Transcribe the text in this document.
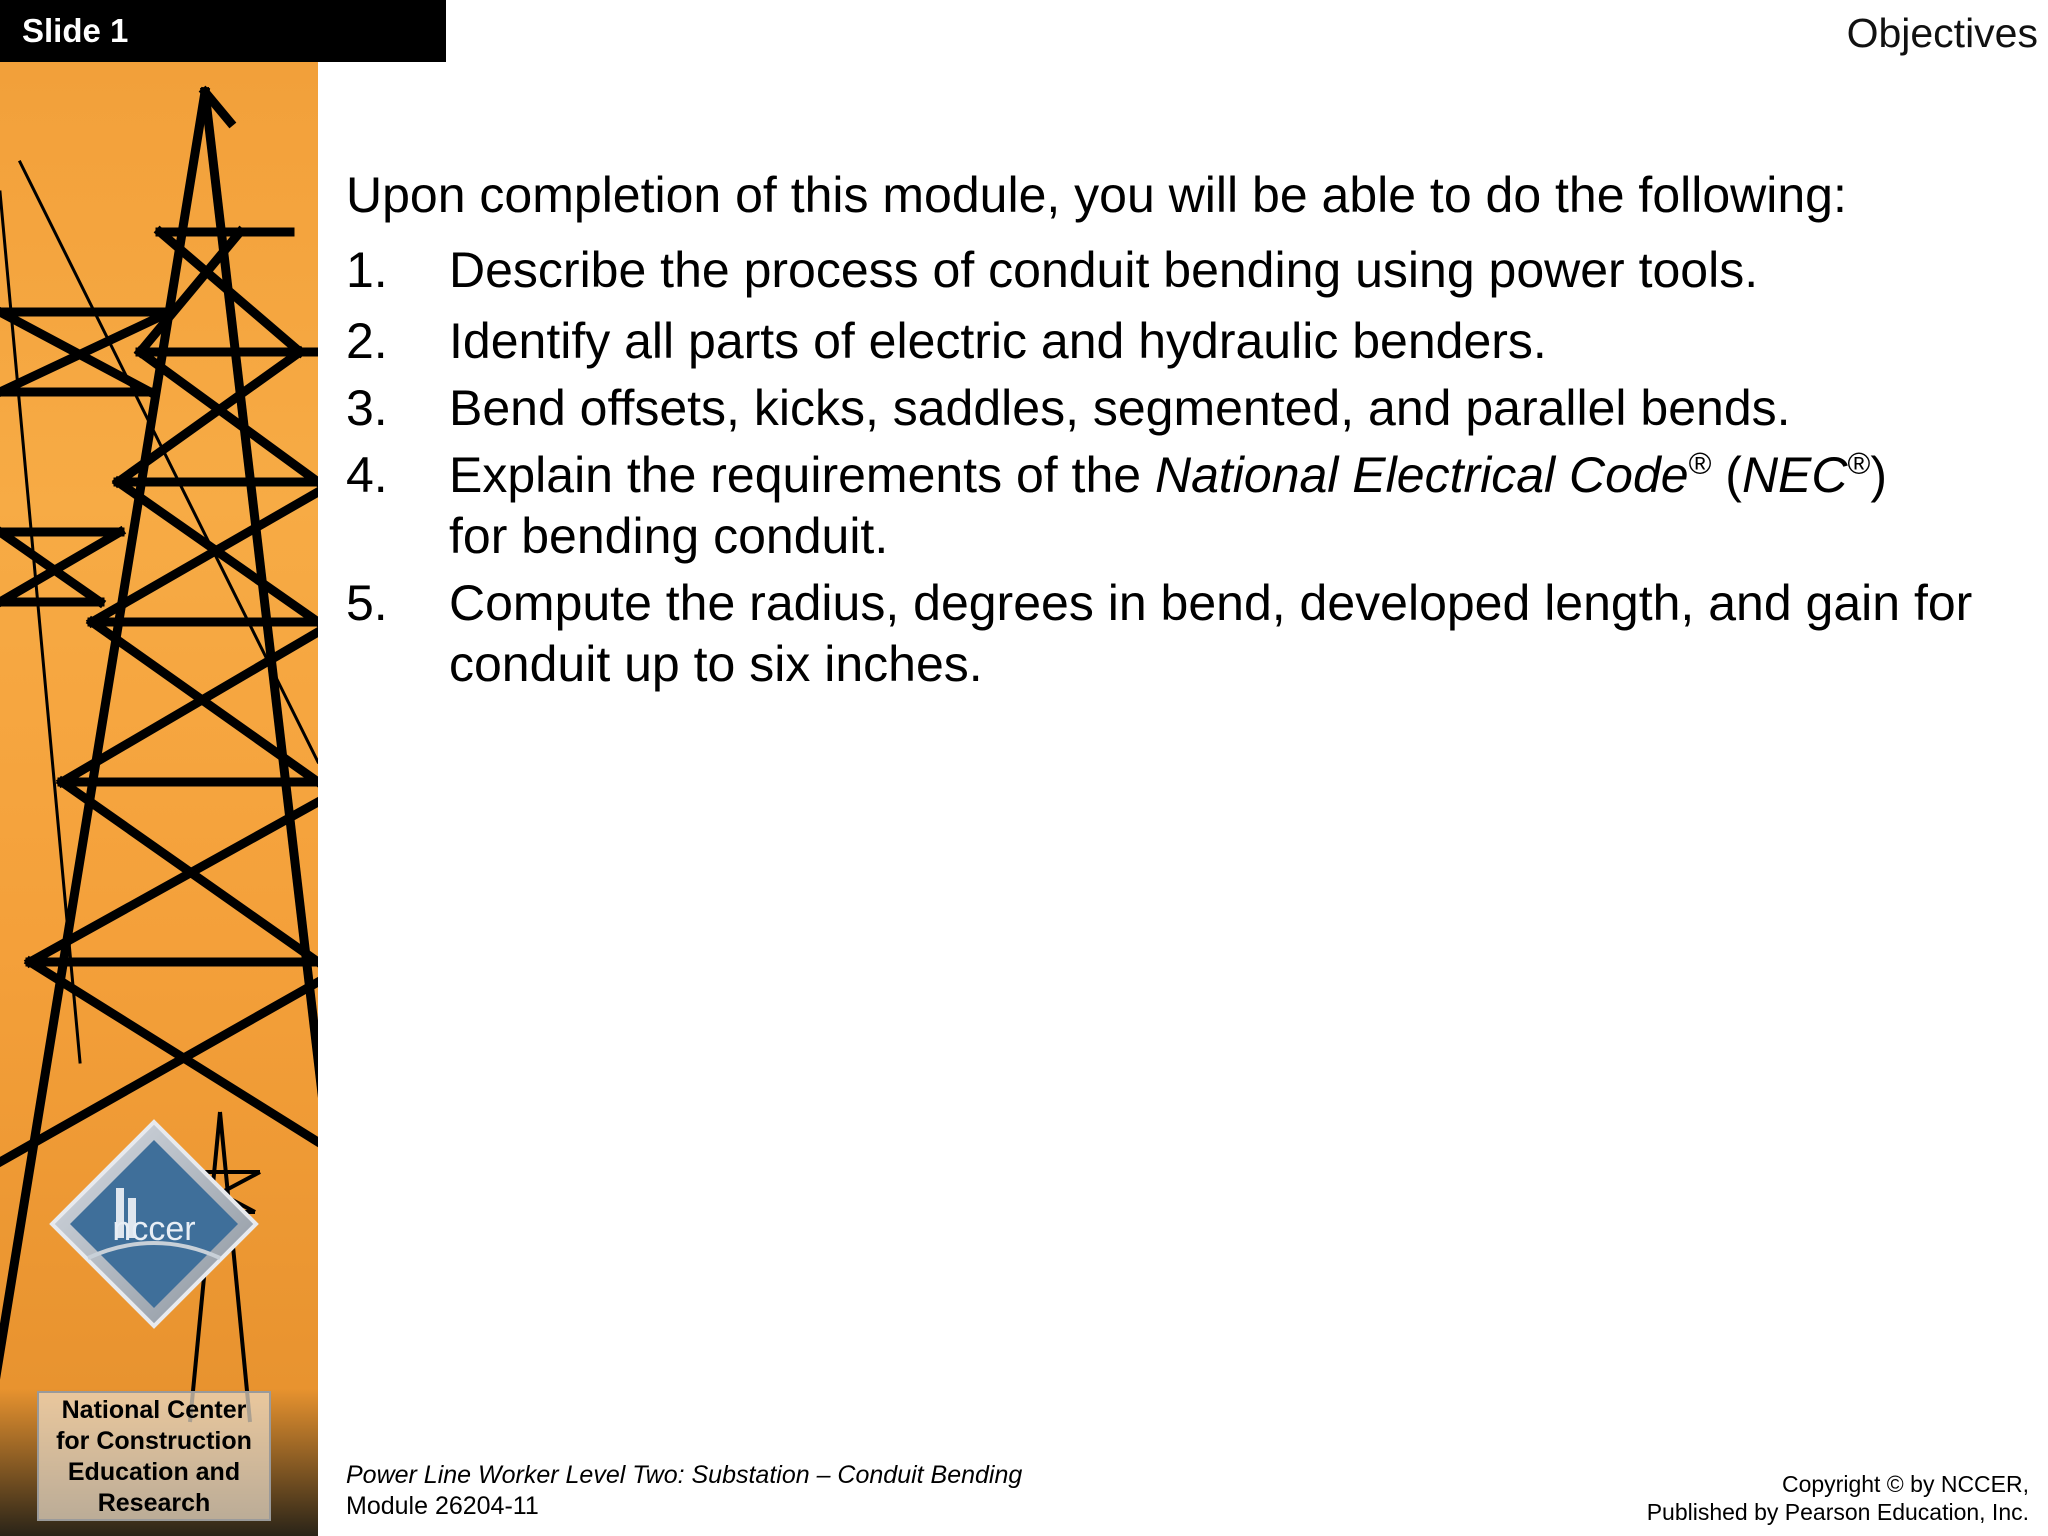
Slide 1	Objectives
nccer
National Center
for Construction
Education and
Research

Upon completion of this module, you will be able to do the following:

1.	Describe the process of conduit bending using power tools.
2.	Identify all parts of electric and hydraulic benders.
3.	Bend offsets, kicks, saddles, segmented, and parallel bends.
4.	Explain the requirements of the National Electrical Code® (NEC®)
for bending conduit.
5.	Compute the radius, degrees in bend, developed length, and gain for conduit up to six inches.
Power Line Worker Level Two: Substation – Conduit Bending
Module 26204-11
Copyright © by NCCER,
Published by Pearson Education, Inc.
